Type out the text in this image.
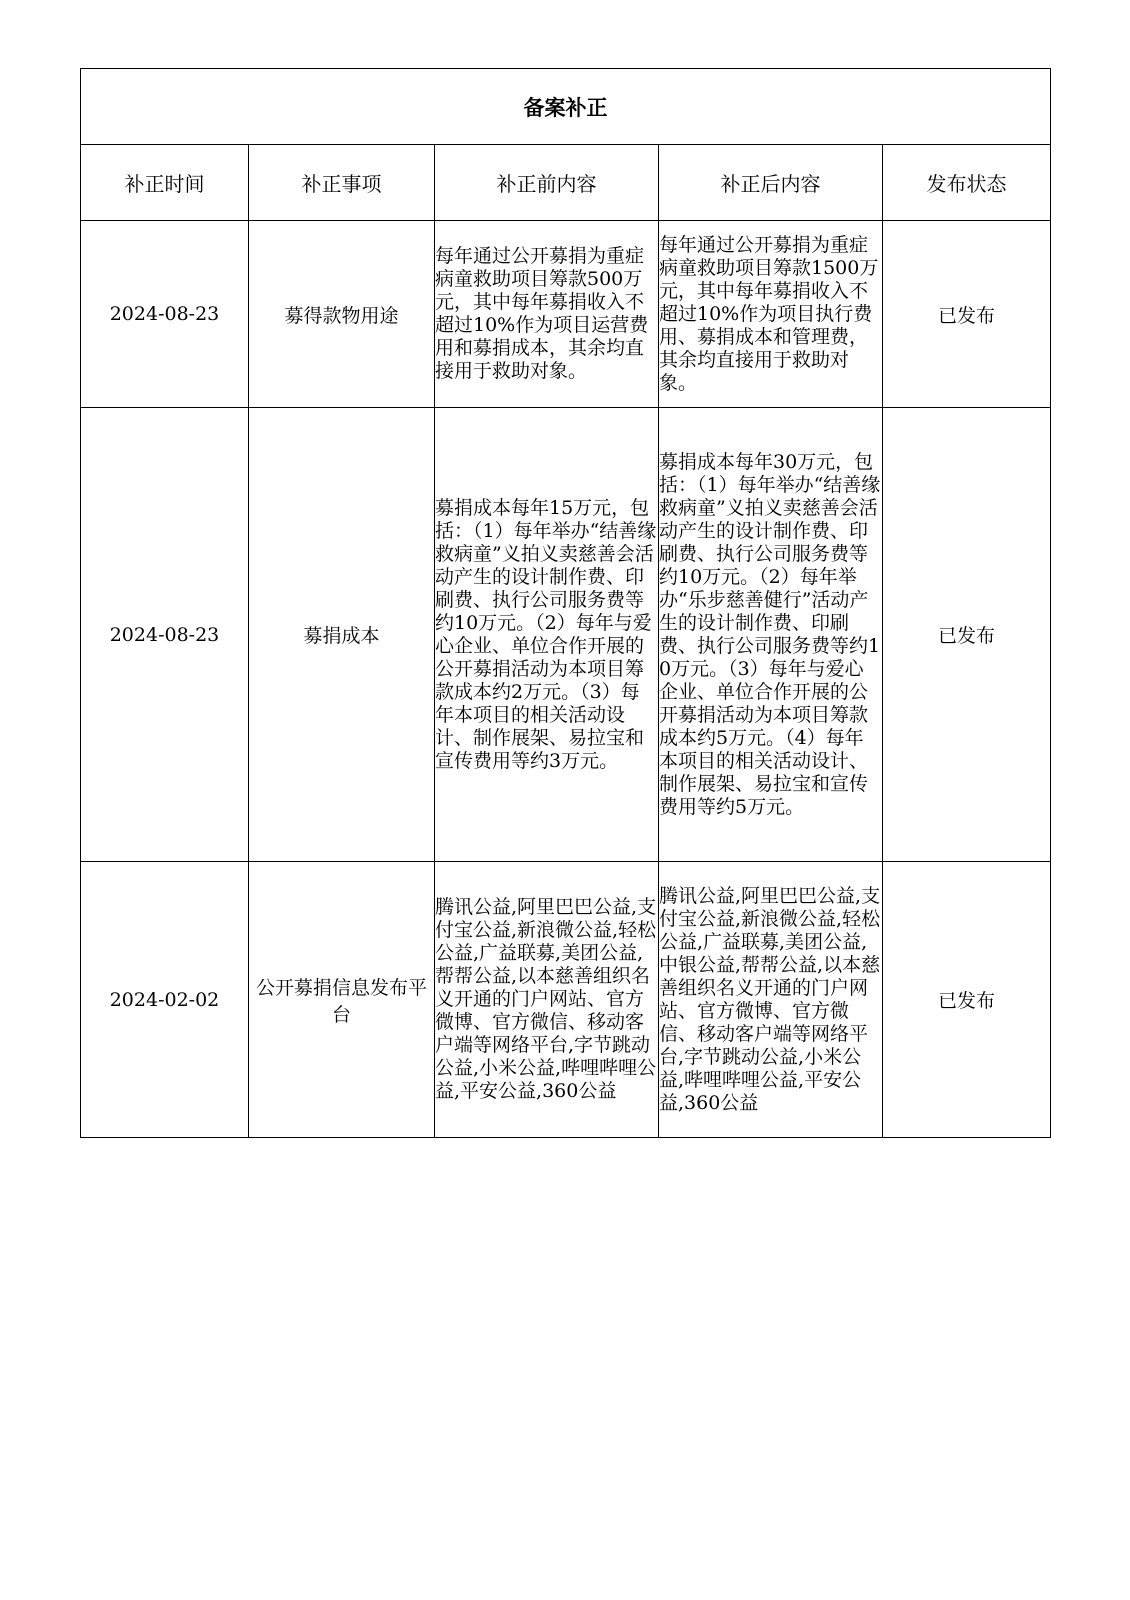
备案补正				
补正时间	补正事项	补正前内容	补正后内容	发布状态
2024-08-23	募得款物用途	每年通过公开募捐为重症病童救助项目筹款500万元，其中每年募捐收入不超过10%作为项目运营费用和募捐成本，其余均直接用于救助对象。	每年通过公开募捐为重症病童救助项目筹款1500万元，其中每年募捐收入不超过10%作为项目执行费用、募捐成本和管理费，其余均直接用于救助对象。	已发布
2024-08-23	募捐成本	募捐成本每年15万元，包括：（1）每年举办“结善缘救病童”义拍义卖慈善会活动产生的设计制作费、印刷费、执行公司服务费等约10万元。（2）每年与爱心企业、单位合作开展的公开募捐活动为本项目筹款成本约2万元。（3）每年本项目的相关活动设计、制作展架、易拉宝和宣传费用等约3万元。	募捐成本每年30万元，包括：（1）每年举办“结善缘救病童”义拍义卖慈善会活动产生的设计制作费、印刷费、执行公司服务费等约10万元。（2）每年举办“乐步慈善健行”活动产生的设计制作费、印刷费、执行公司服务费等约10万元。（3）每年与爱心企业、单位合作开展的公开募捐活动为本项目筹款成本约5万元。（4）每年本项目的相关活动设计、制作展架、易拉宝和宣传费用等约5万元。	已发布
2024-02-02	公开募捐信息发布平台	腾讯公益,阿里巴巴公益,支付宝公益,新浪微公益,轻松公益,广益联募,美团公益,帮帮公益,以本慈善组织名义开通的门户网站、官方微博、官方微信、移动客户端等网络平台,字节跳动公益,小米公益,哔哩哔哩公益,平安公益,360公益	腾讯公益,阿里巴巴公益,支付宝公益,新浪微公益,轻松公益,广益联募,美团公益,中银公益,帮帮公益,以本慈善组织名义开通的门户网站、官方微博、官方微信、移动客户端等网络平台,字节跳动公益,小米公益,哔哩哔哩公益,平安公益,360公益	已发布
